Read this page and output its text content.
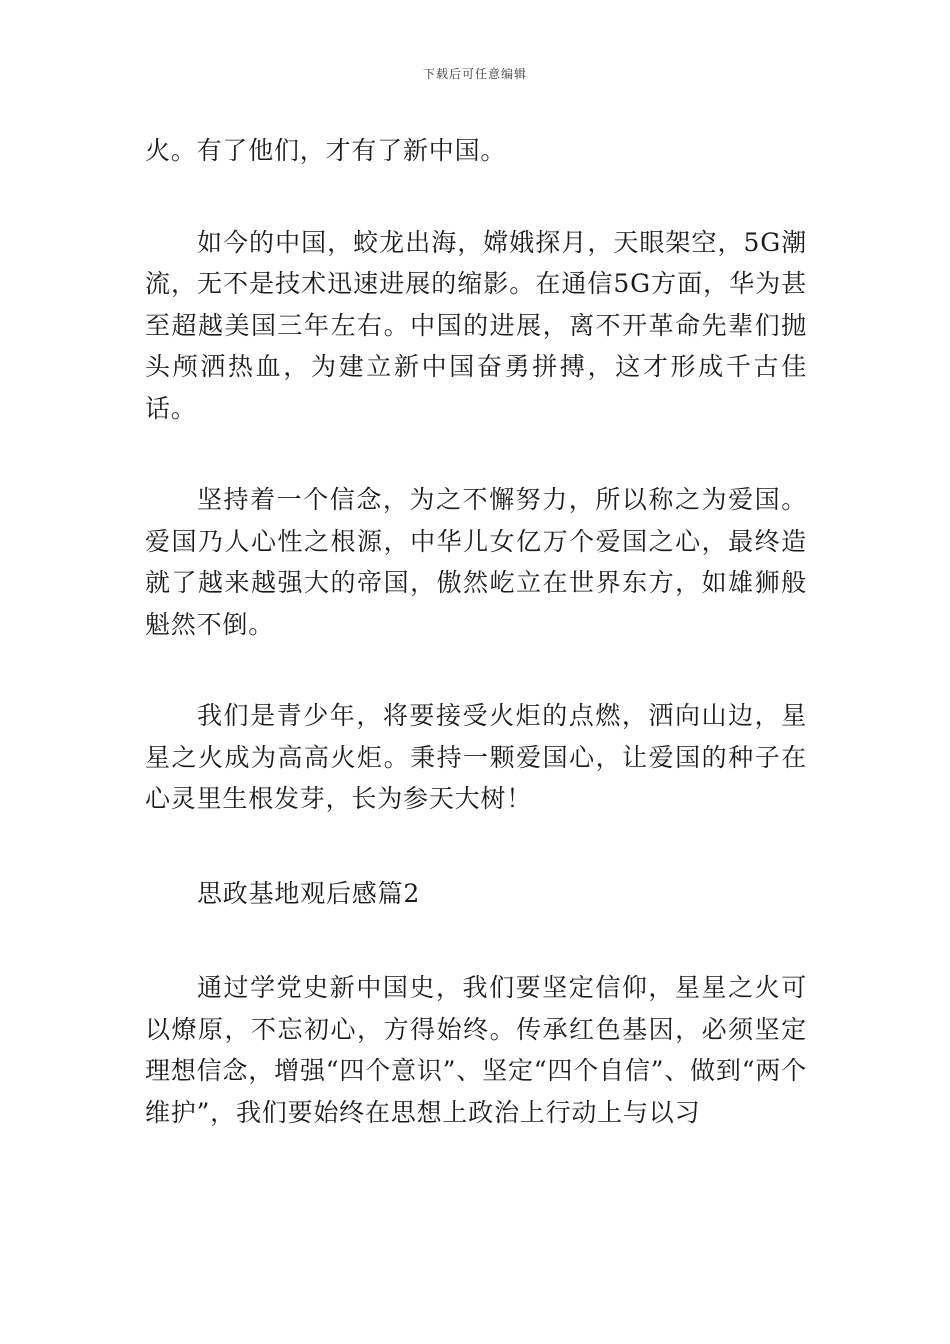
下载后可任意编辑

火。有了他们，才有了新中国。

如今的中国，蛟龙出海，嫦娥探月，天眼架空，5G潮流，无不是技术迅速进展的缩影。在通信5G方面，华为甚至超越美国三年左右。中国的进展，离不开革命先辈们抛头颅洒热血，为建立新中国奋勇拼搏，这才形成千古佳话。

坚持着一个信念，为之不懈努力，所以称之为爱国。爱国乃人心性之根源，中华儿女亿万个爱国之心，最终造就了越来越强大的帝国，傲然屹立在世界东方，如雄狮般魁然不倒。

我们是青少年，将要接受火炬的点燃，洒向山边，星星之火成为高高火炬。秉持一颗爱国心，让爱国的种子在心灵里生根发芽，长为参天大树！

思政基地观后感篇2

通过学党史新中国史，我们要坚定信仰，星星之火可以燎原，不忘初心，方得始终。传承红色基因，必须坚定理想信念，增强“四个意识”、坚定“四个自信”、做到“两个维护”，我们要始终在思想上政治上行动上与以习
